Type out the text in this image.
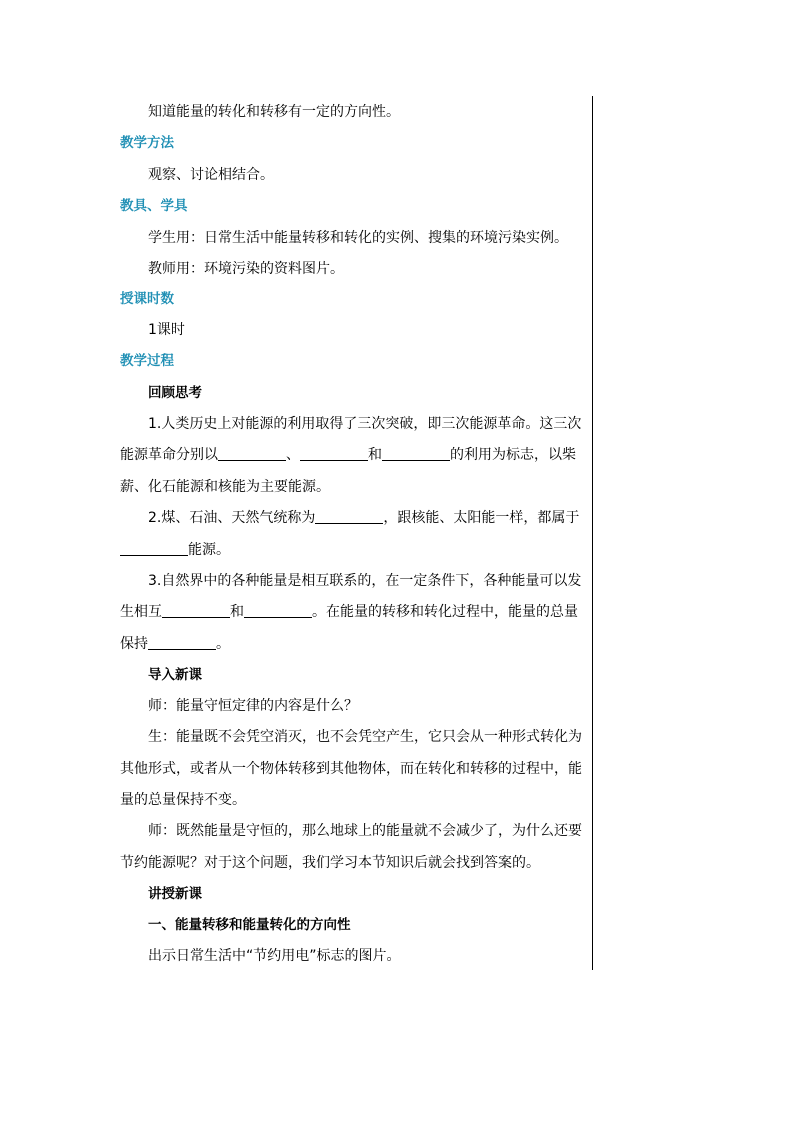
知道能量的转化和转移有一定的方向性。
教学方法
观察、讨论相结合。
教具、学具
学生用：日常生活中能量转移和转化的实例、搜集的环境污染实例。
教师用：环境污染的资料图片。
授课时数
1课时
教学过程
回顾思考
1.人类历史上对能源的利用取得了三次突破，即三次能源革命。这三次
能源革命分别以	、	和	的利用为标志，以柴
薪、化石能源和核能为主要能源。
2.煤、石油、天然气统称为	，跟核能、太阳能一样，都属于
能源。
3.自然界中的各种能量是相互联系的，在一定条件下，各种能量可以发
生相互	和	。在能量的转移和转化过程中，能量的总量
保持	。
导入新课
师：能量守恒定律的内容是什么？
生：能量既不会凭空消灭，也不会凭空产生，它只会从一种形式转化为
其他形式，或者从一个物体转移到其他物体，而在转化和转移的过程中，能
量的总量保持不变。
师：既然能量是守恒的，那么地球上的能量就不会减少了，为什么还要
节约能源呢？对于这个问题，我们学习本节知识后就会找到答案的。
讲授新课
一、能量转移和能量转化的方向性
出示日常生活中“节约用电”标志的图片。
